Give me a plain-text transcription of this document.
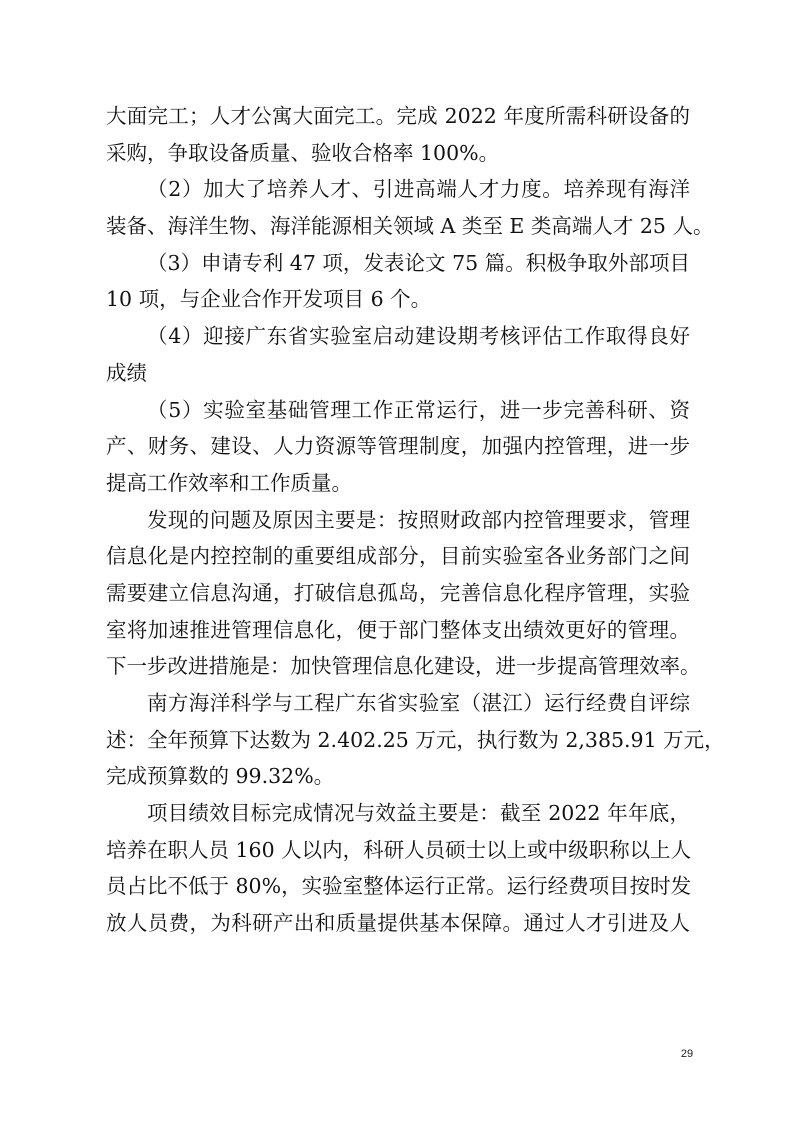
大面完工；人才公寓大面完工。完成 2022 年度所需科研设备的
采购，争取设备质量、验收合格率 100%。
（2）加大了培养人才、引进高端人才力度。培养现有海洋
装备、海洋生物、海洋能源相关领域 A 类至 E 类高端人才 25 人。
（3）申请专利 47 项，发表论文 75 篇。积极争取外部项目
10 项，与企业合作开发项目 6 个。
（4）迎接广东省实验室启动建设期考核评估工作取得良好
成绩
（5）实验室基础管理工作正常运行，进一步完善科研、资
产、财务、建设、人力资源等管理制度，加强内控管理，进一步
提高工作效率和工作质量。
发现的问题及原因主要是：按照财政部内控管理要求，管理
信息化是内控控制的重要组成部分，目前实验室各业务部门之间
需要建立信息沟通，打破信息孤岛，完善信息化程序管理，实验
室将加速推进管理信息化，便于部门整体支出绩效更好的管理。
下一步改进措施是：加快管理信息化建设，进一步提高管理效率。
南方海洋科学与工程广东省实验室（湛江）运行经费自评综
述：全年预算下达数为 2.402.25 万元，执行数为 2,385.91 万元，
完成预算数的 99.32%。
项目绩效目标完成情况与效益主要是：截至 2022 年年底，
培养在职人员 160 人以内，科研人员硕士以上或中级职称以上人
员占比不低于 80%，实验室整体运行正常。运行经费项目按时发
放人员费，为科研产出和质量提供基本保障。通过人才引进及人
29
